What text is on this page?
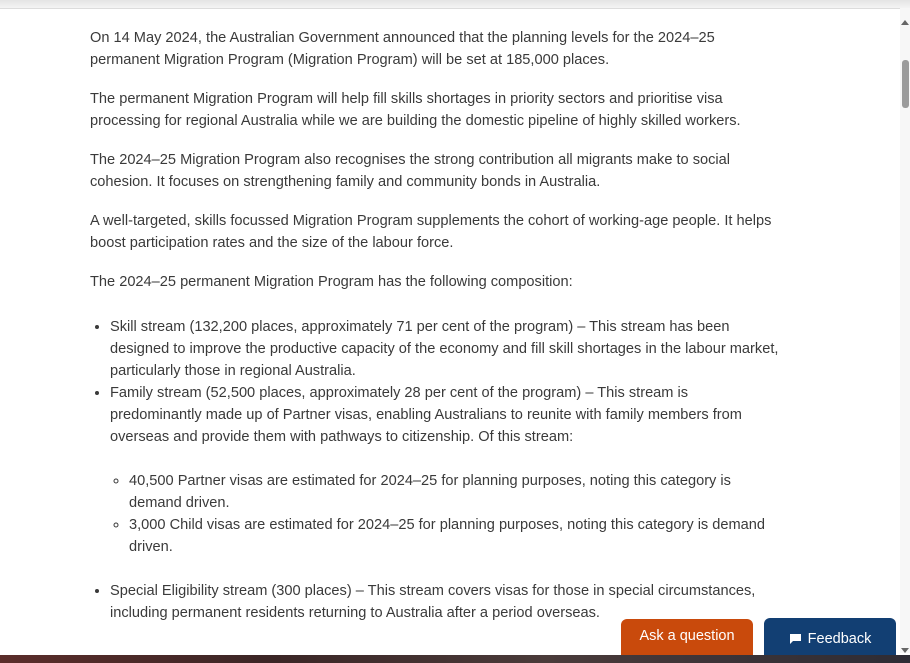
On 14 May 2024, the Australian Government announced that the planning levels for the 2024–25 permanent Migration Program (Migration Program) will be set at 185,000 places.

The permanent Migration Program will help fill skills shortages in priority sectors and prioritise visa processing for regional Australia while we are building the domestic pipeline of highly skilled workers.

The 2024–25 Migration Program also recognises the strong contribution all migrants make to social cohesion. It focuses on strengthening family and community bonds in Australia.

A well-targeted, skills focussed Migration Program supplements the cohort of working-age people. It helps boost participation rates and the size of the labour force.

The 2024–25 permanent Migration Program has the following composition:

• Skill stream (132,200 places, approximately 71 per cent of the program) – This stream has been designed to improve the productive capacity of the economy and fill skill shortages in the labour market, particularly those in regional Australia.
• Family stream (52,500 places, approximately 28 per cent of the program) – This stream is predominantly made up of Partner visas, enabling Australians to reunite with family members from overseas and provide them with pathways to citizenship. Of this stream:
◦ 40,500 Partner visas are estimated for 2024–25 for planning purposes, noting this category is demand driven.
◦ 3,000 Child visas are estimated for 2024–25 for planning purposes, noting this category is demand driven.
• Special Eligibility stream (300 places) – This stream covers visas for those in special circumstances, including permanent residents returning to Australia after a period overseas.
Ask a question	Feedback
